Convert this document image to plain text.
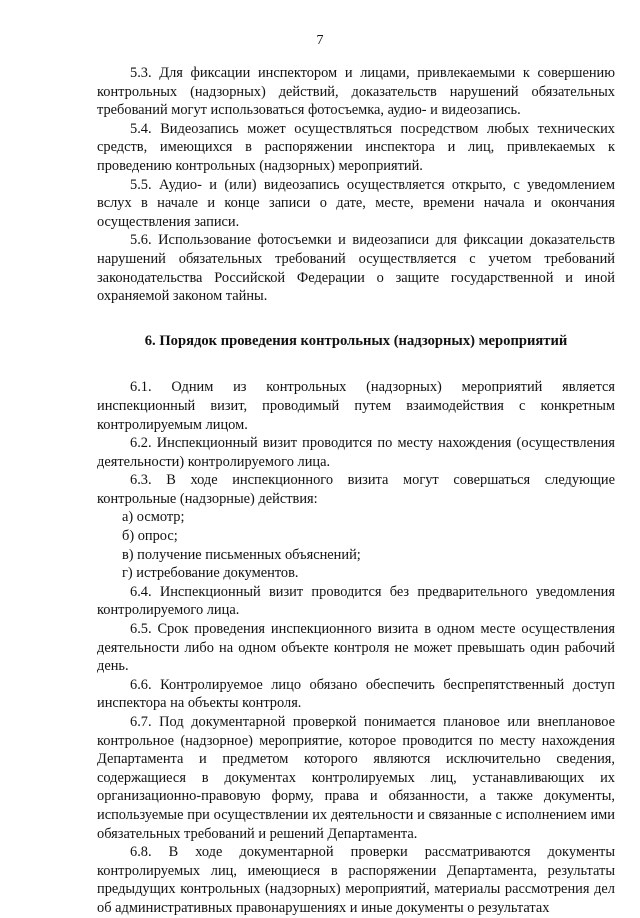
7

5.3. Для фиксации инспектором и лицами, привлекаемыми к совершению контрольных (надзорных) действий, доказательств нарушений обязательных требований могут использоваться фотосъемка, аудио- и видеозапись.

5.4. Видеозапись может осуществляться посредством любых технических средств, имеющихся в распоряжении инспектора и лиц, привлекаемых к проведению контрольных (надзорных) мероприятий.

5.5. Аудио- и (или) видеозапись осуществляется открыто, с уведомлением вслух в начале и конце записи о дате, месте, времени начала и окончания осуществления записи.

5.6. Использование фотосъемки и видеозаписи для фиксации доказательств нарушений обязательных требований осуществляется с учетом требований законодательства Российской Федерации о защите государственной и иной охраняемой законом тайны.

6. Порядок проведения контрольных (надзорных) мероприятий

6.1. Одним из контрольных (надзорных) мероприятий является инспекционный визит, проводимый путем взаимодействия с конкретным контролируемым лицом.

6.2. Инспекционный визит проводится по месту нахождения (осуществления деятельности) контролируемого лица.

6.3. В ходе инспекционного визита могут совершаться следующие контрольные (надзорные) действия:

а) осмотр;

б) опрос;

в) получение письменных объяснений;

г) истребование документов.

6.4. Инспекционный визит проводится без предварительного уведомления контролируемого лица.

6.5. Срок проведения инспекционного визита в одном месте осуществления деятельности либо на одном объекте контроля не может превышать один рабочий день.

6.6. Контролируемое лицо обязано обеспечить беспрепятственный доступ инспектора на объекты контроля.

6.7. Под документарной проверкой понимается плановое или внеплановое контрольное (надзорное) мероприятие, которое проводится по месту нахождения Департамента и предметом которого являются исключительно сведения, содержащиеся в документах контролируемых лиц, устанавливающих их организационно-правовую форму, права и обязанности, а также документы, используемые при осуществлении их деятельности и связанные с исполнением ими обязательных требований и решений Департамента.

6.8. В ходе документарной проверки рассматриваются документы контролируемых лиц, имеющиеся в распоряжении Департамента, результаты предыдущих контрольных (надзорных) мероприятий, материалы рассмотрения дел об административных правонарушениях и иные документы о результатах
